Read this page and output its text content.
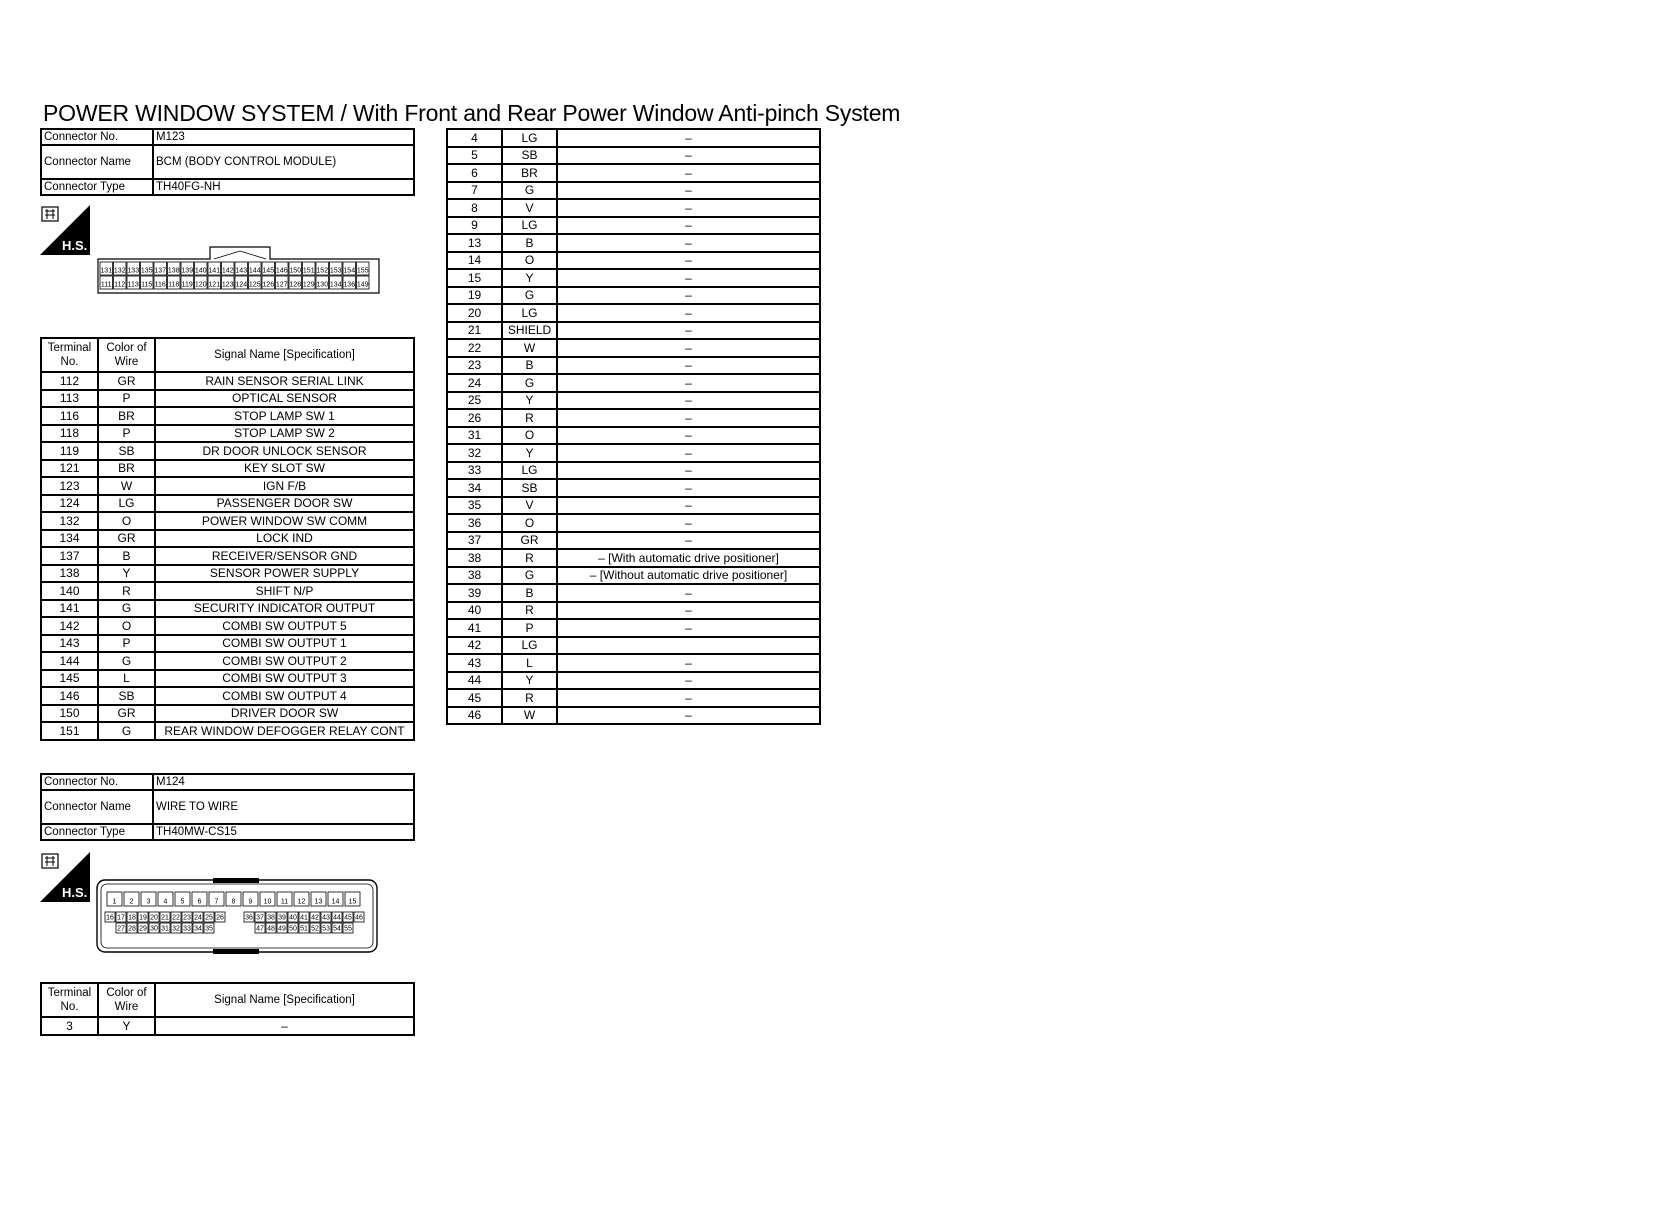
POWER WINDOW SYSTEM / With Front and Rear Power Window Anti-pinch System
Connector No.	M123
Connector Name	BCM (BODY CONTROL MODULE)
Connector Type	TH40FG-NH
H.S.
131 132 133 135 137 138 139 140 141 142 143 144 145 146 150 151 152 153 154 155
111 112 113 115 116 118 119 120 121 123 124 125 126 127 128 129 130 134 136 149
Terminal No.	Color of Wire	Signal Name [Specification]
112	GR	RAIN SENSOR SERIAL LINK
113	P	OPTICAL SENSOR
116	BR	STOP LAMP SW 1
118	P	STOP LAMP SW 2
119	SB	DR DOOR UNLOCK SENSOR
121	BR	KEY SLOT SW
123	W	IGN F/B
124	LG	PASSENGER DOOR SW
132	O	POWER WINDOW SW COMM
134	GR	LOCK IND
137	B	RECEIVER/SENSOR GND
138	Y	SENSOR POWER SUPPLY
140	R	SHIFT N/P
141	G	SECURITY INDICATOR OUTPUT
142	O	COMBI SW OUTPUT 5
143	P	COMBI SW OUTPUT 1
144	G	COMBI SW OUTPUT 2
145	L	COMBI SW OUTPUT 3
146	SB	COMBI SW OUTPUT 4
150	GR	DRIVER DOOR SW
151	G	REAR WINDOW DEFOGGER RELAY CONT
4	LG	–
5	SB	–
6	BR	–
7	G	–
8	V	–
9	LG	–
13	B	–
14	O	–
15	Y	–
19	G	–
20	LG	–
21	SHIELD	–
22	W	–
23	B	–
24	G	–
25	Y	–
26	R	–
31	O	–
32	Y	–
33	LG	–
34	SB	–
35	V	–
36	O	–
37	GR	–
38	R	– [With automatic drive positioner]
38	G	– [Without automatic drive positioner]
39	B	–
40	R	–
41	P	–
42	LG	
43	L	–
44	Y	–
45	R	–
46	W	–
Connector No.	M124
Connector Name	WIRE TO WIRE
Connector Type	TH40MW-CS15
H.S.
1 2 3 4 5 6 7 8 9 10 11 12 13 14 15
16 17 18 19 20 21 22 23 24 25 26	36 37 38 39 40 41 42 43 44 45 46
27 28 29 30 31 32 33 34 35	47 48 49 50 51 52 53 54 55
Terminal No.	Color of Wire	Signal Name [Specification]
3	Y	–
